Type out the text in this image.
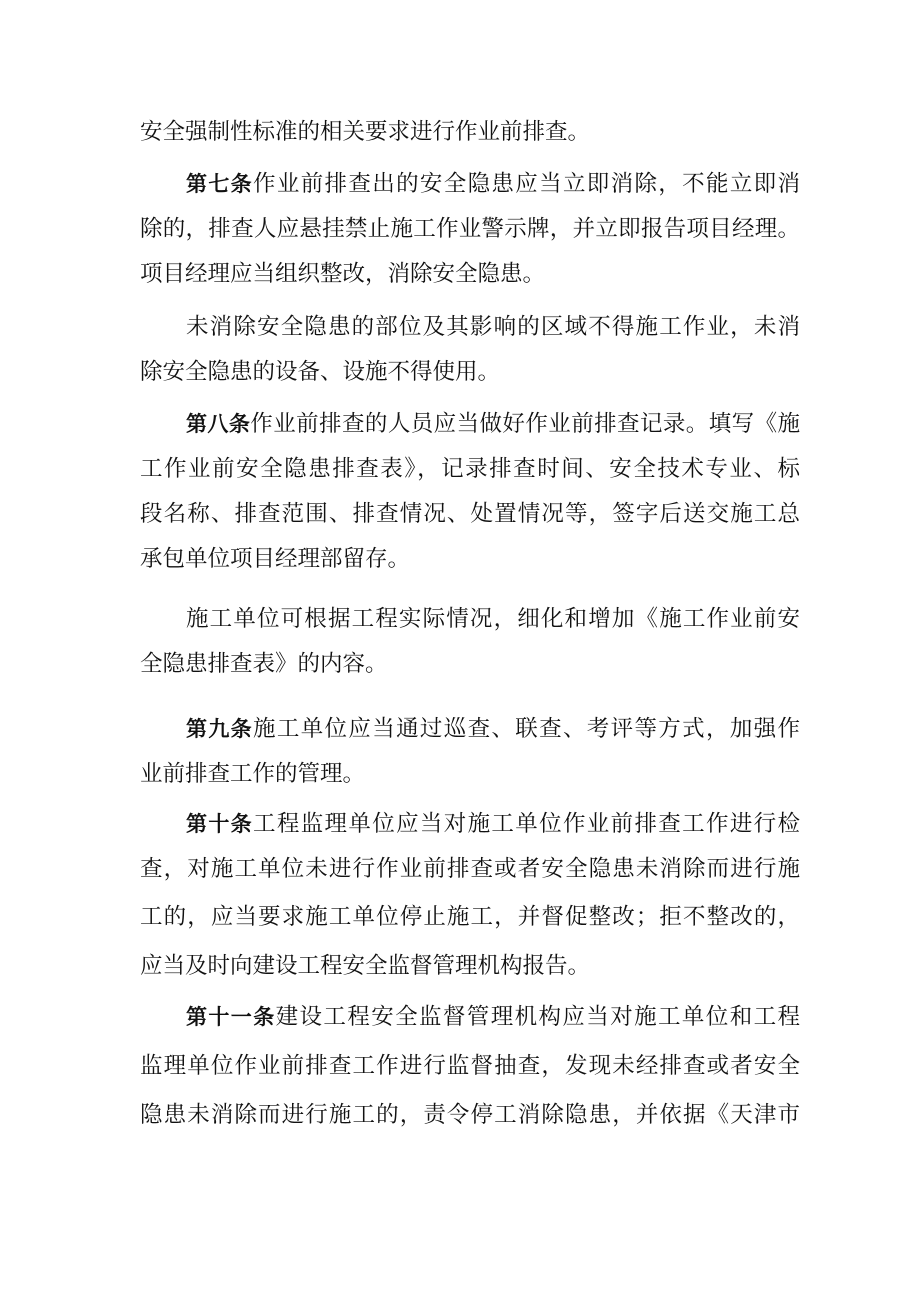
安全强制性标准的相关要求进行作业前排查。
第七条作业前排查出的安全隐患应当立即消除，不能立即消
除的，排查人应悬挂禁止施工作业警示牌，并立即报告项目经理。
项目经理应当组织整改，消除安全隐患。
未消除安全隐患的部位及其影响的区域不得施工作业，未消
除安全隐患的设备、设施不得使用。
第八条作业前排查的人员应当做好作业前排查记录。填写《施
工作业前安全隐患排查表》，记录排查时间、安全技术专业、标
段名称、排查范围、排查情况、处置情况等，签字后送交施工总
承包单位项目经理部留存。
施工单位可根据工程实际情况，细化和增加《施工作业前安
全隐患排查表》的内容。
第九条施工单位应当通过巡查、联查、考评等方式，加强作
业前排查工作的管理。
第十条工程监理单位应当对施工单位作业前排查工作进行检
查，对施工单位未进行作业前排查或者安全隐患未消除而进行施
工的，应当要求施工单位停止施工，并督促整改；拒不整改的，
应当及时向建设工程安全监督管理机构报告。
第十一条建设工程安全监督管理机构应当对施工单位和工程
监理单位作业前排查工作进行监督抽查，发现未经排查或者安全
隐患未消除而进行施工的，责令停工消除隐患，并依据《天津市
